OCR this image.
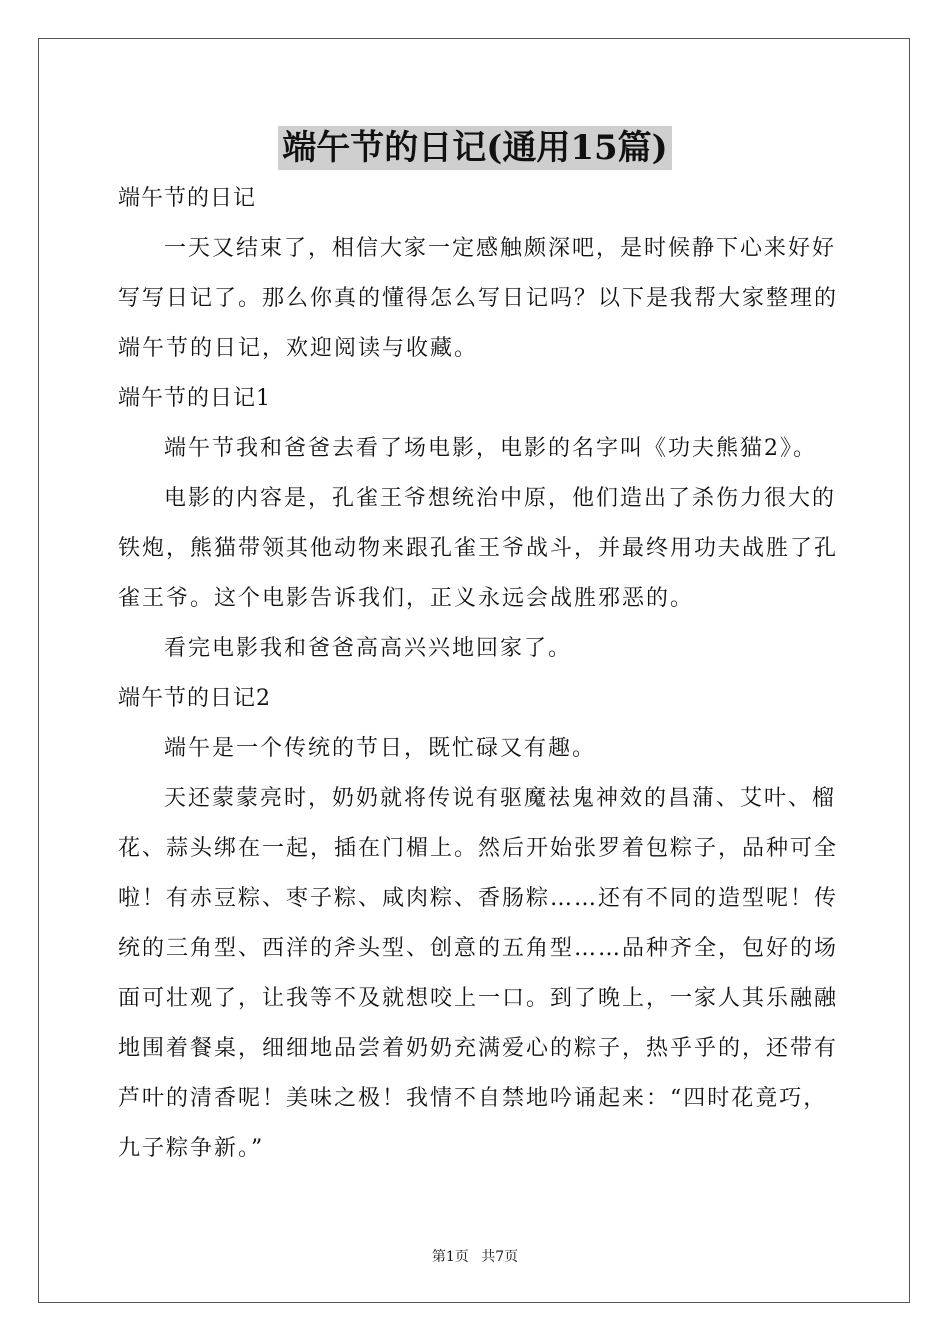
端午节的日记(通用15篇)

端午节的日记

一天又结束了，相信大家一定感触颇深吧，是时候静下心来好好

写写日记了。那么你真的懂得怎么写日记吗？以下是我帮大家整理的

端午节的日记，欢迎阅读与收藏。

端午节的日记1

端午节我和爸爸去看了场电影，电影的名字叫《功夫熊猫2》。

电影的内容是，孔雀王爷想统治中原，他们造出了杀伤力很大的

铁炮，熊猫带领其他动物来跟孔雀王爷战斗，并最终用功夫战胜了孔

雀王爷。这个电影告诉我们，正义永远会战胜邪恶的。

看完电影我和爸爸高高兴兴地回家了。

端午节的日记2

端午是一个传统的节日，既忙碌又有趣。

天还蒙蒙亮时，奶奶就将传说有驱魔祛鬼神效的昌蒲、艾叶、榴

花、蒜头绑在一起，插在门楣上。然后开始张罗着包粽子，品种可全

啦！有赤豆粽、枣子粽、咸肉粽、香肠粽……还有不同的造型呢！传

统的三角型、西洋的斧头型、创意的五角型……品种齐全，包好的场

面可壮观了，让我等不及就想咬上一口。到了晚上，一家人其乐融融

地围着餐桌，细细地品尝着奶奶充满爱心的粽子，热乎乎的，还带有

芦叶的清香呢！美味之极！我情不自禁地吟诵起来：“四时花竟巧，

九子粽争新。”

第1页 共7页
